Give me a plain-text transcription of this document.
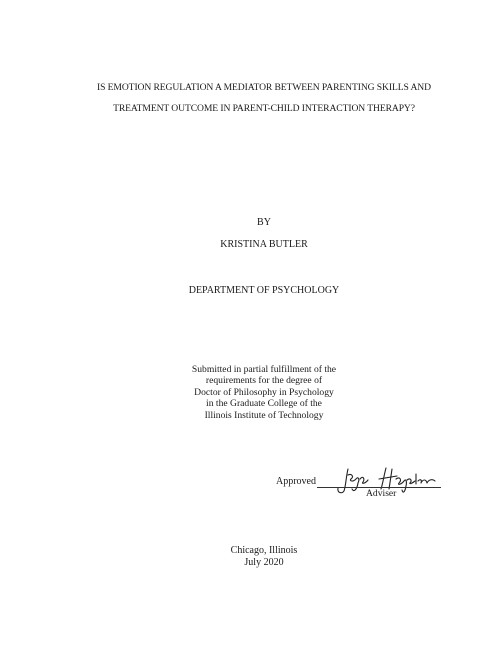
IS EMOTION REGULATION A MEDIATOR BETWEEN PARENTING SKILLS AND
TREATMENT OUTCOME IN PARENT-CHILD INTERACTION THERAPY?
BY
KRISTINA BUTLER
DEPARTMENT OF PSYCHOLOGY
Submitted in partial fulfillment of the
requirements for the degree of
Doctor of Philosophy in Psychology
in the Graduate College of the
Illinois Institute of Technology
Approved
Adviser
Chicago, Illinois
July 2020
